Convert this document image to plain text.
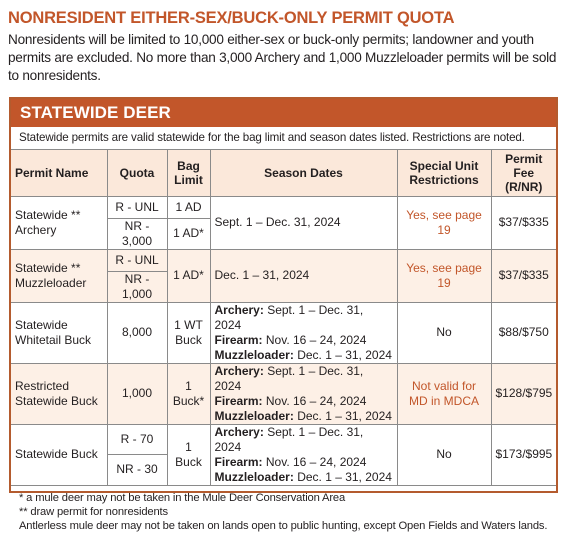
NONRESIDENT EITHER-SEX/BUCK-ONLY PERMIT QUOTA

Nonresidents will be limited to 10,000 either-sex or buck-only permits; landowner and youth permits are excluded. No more than 3,000 Archery and 1,000 Muzzleloader permits will be sold to nonresidents.

STATEWIDE DEER
Statewide permits are valid statewide for the bag limit and season dates listed. Restrictions are noted.
Permit Name	Quota	Bag Limit	Season Dates	Special Unit Restrictions	Permit Fee (R/NR)
Statewide ** Archery	R - UNL	1 AD	Sept. 1 – Dec. 31, 2024	Yes, see page 19	$37/$335
	NR - 3,000	1 AD*			
Statewide ** Muzzleloader	R - UNL	1 AD*	Dec. 1 – 31, 2024	Yes, see page 19	$37/$335
	NR - 1,000				
Statewide Whitetail Buck	8,000	1 WT Buck	Archery: Sept. 1 – Dec. 31, 2024
Firearm: Nov. 16 – 24, 2024
Muzzleloader: Dec. 1 – 31, 2024	No	$88/$750
Restricted Statewide Buck	1,000	1 Buck*	Archery: Sept. 1 – Dec. 31, 2024
Firearm: Nov. 16 – 24, 2024
Muzzleloader: Dec. 1 – 31, 2024	Not valid for MD in MDCA	$128/$795
Statewide Buck	R - 70	1 Buck	Archery: Sept. 1 – Dec. 31, 2024
Firearm: Nov. 16 – 24, 2024
Muzzleloader: Dec. 1 – 31, 2024	No	$173/$995
	NR - 30				
* a mule deer may not be taken in the Mule Deer Conservation Area
** draw permit for nonresidents
Antlerless mule deer may not be taken on lands open to public hunting, except Open Fields and Waters lands.
